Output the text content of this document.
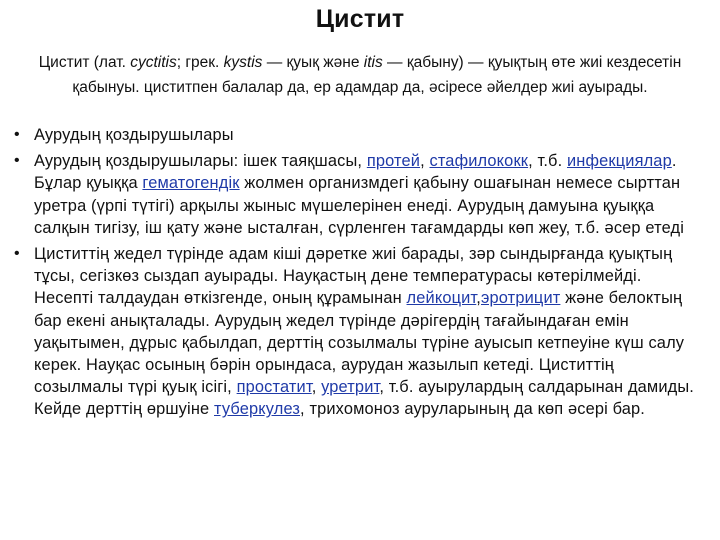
Цистит
Цистит (лат. cyctitis; грек. kystis — қуық және itis — қабыну) — қуықтың өте жиі кездесетін қабынуы. циститпен балалар да, ер адамдар да, әсіресе әйелдер жиі ауырады.
• Аурудың қоздырушылары
• Аурудың қоздырушылары: ішек таяқшасы, протей, стафилококк, т.б. инфекциялар. Бұлар қуыққа гематогендік жолмен организмдегі қабыну ошағынан немесе сырттан уретра (үрпі түтігі) арқылы жыныс мүшелерінен енеді. Аурудың дамуына қуыққа салқын тигізу, іш қату және ысталған, сүрленген тағамдарды көп жеу, т.б. әсер етеді
• Циститтің жедел түрінде адам кіші дәретке жиі барады, зәр сындырғанда қуықтың тұсы, сегізкөз сыздап ауырады. Науқастың дене температурасы көтерілмейді. Несепті талдаудан өткізгенде, оның құрамынан лейкоцит,эротрицит және белоктың бар екені анықталады. Аурудың жедел түрінде дәрігердің тағайындаған емін уақытымен, дұрыс қабылдап, дерттің созылмалы түріне ауысып кетпеуіне күш салу керек. Науқас осының бәрін орындаса, аурудан жазылып кетеді. Циститтің созылмалы түрі қуық ісігі, простатит, уретрит, т.б. ауырулардың салдарынан дамиды. Кейде дерттің өршуіне туберкулез, трихомоноз ауруларының да көп әсері бар.
